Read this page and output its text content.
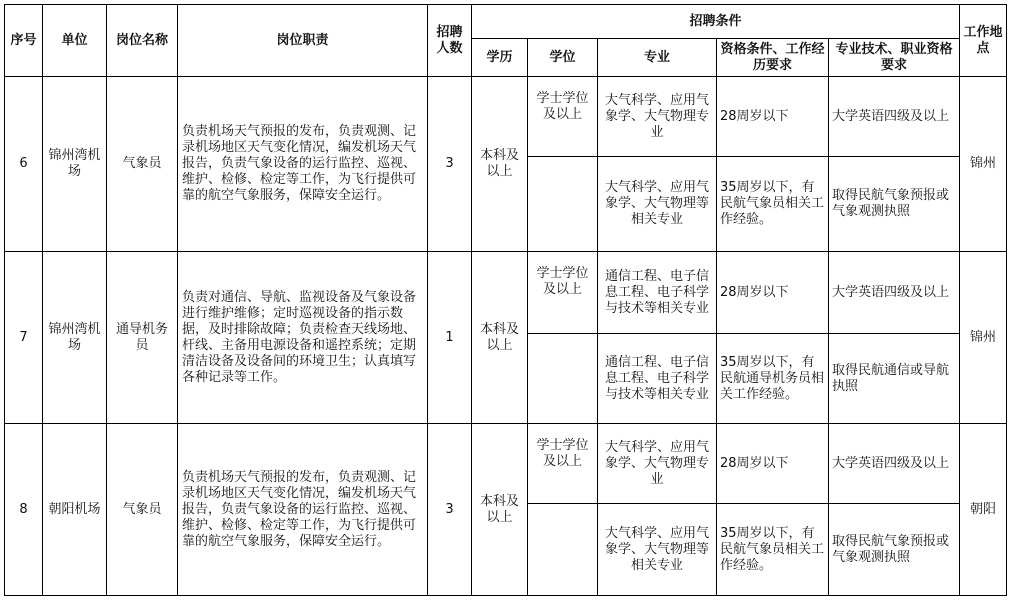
序号	单位	岗位名称	岗位职责	招聘人数	招聘条件					工作地点
					学历	学位	专业	资格条件、工作经历要求	专业技术、职业资格要求	
6	锦州湾机场	气象员	负责机场天气预报的发布，负责观测、记录机场地区天气变化情况，编发机场天气报告，负责气象设备的运行监控、巡视、维护、检修、检定等工作，为飞行提供可靠的航空气象服务，保障安全运行。	3	本科及以上	学士学位及以上	大气科学、应用气象学、大气物理专业	28周岁以下	大学英语四级及以上	锦州
							大气科学、应用气象学、大气物理等相关专业	35周岁以下，有民航气象员相关工作经验。	取得民航气象预报或气象观测执照	
7	锦州湾机场	通导机务员	负责对通信、导航、监视设备及气象设备进行维护维修；定时巡视设备的指示数据，及时排除故障；负责检查天线场地、杆线、主备用电源设备和遥控系统；定期清洁设备及设备间的环境卫生；认真填写各种记录等工作。	1	本科及以上	学士学位及以上	通信工程、电子信息工程、电子科学与技术等相关专业	28周岁以下	大学英语四级及以上	锦州
							通信工程、电子信息工程、电子科学与技术等相关专业	35周岁以下，有民航通导机务员相关工作经验。	取得民航通信或导航执照	
8	朝阳机场	气象员	负责机场天气预报的发布，负责观测、记录机场地区天气变化情况，编发机场天气报告，负责气象设备的运行监控、巡视、维护、检修、检定等工作，为飞行提供可靠的航空气象服务，保障安全运行。	3	本科及以上	学士学位及以上	大气科学、应用气象学、大气物理专业	28周岁以下	大学英语四级及以上	朝阳
							大气科学、应用气象学、大气物理等相关专业	35周岁以下，有民航气象员相关工作经验。	取得民航气象预报或气象观测执照	
